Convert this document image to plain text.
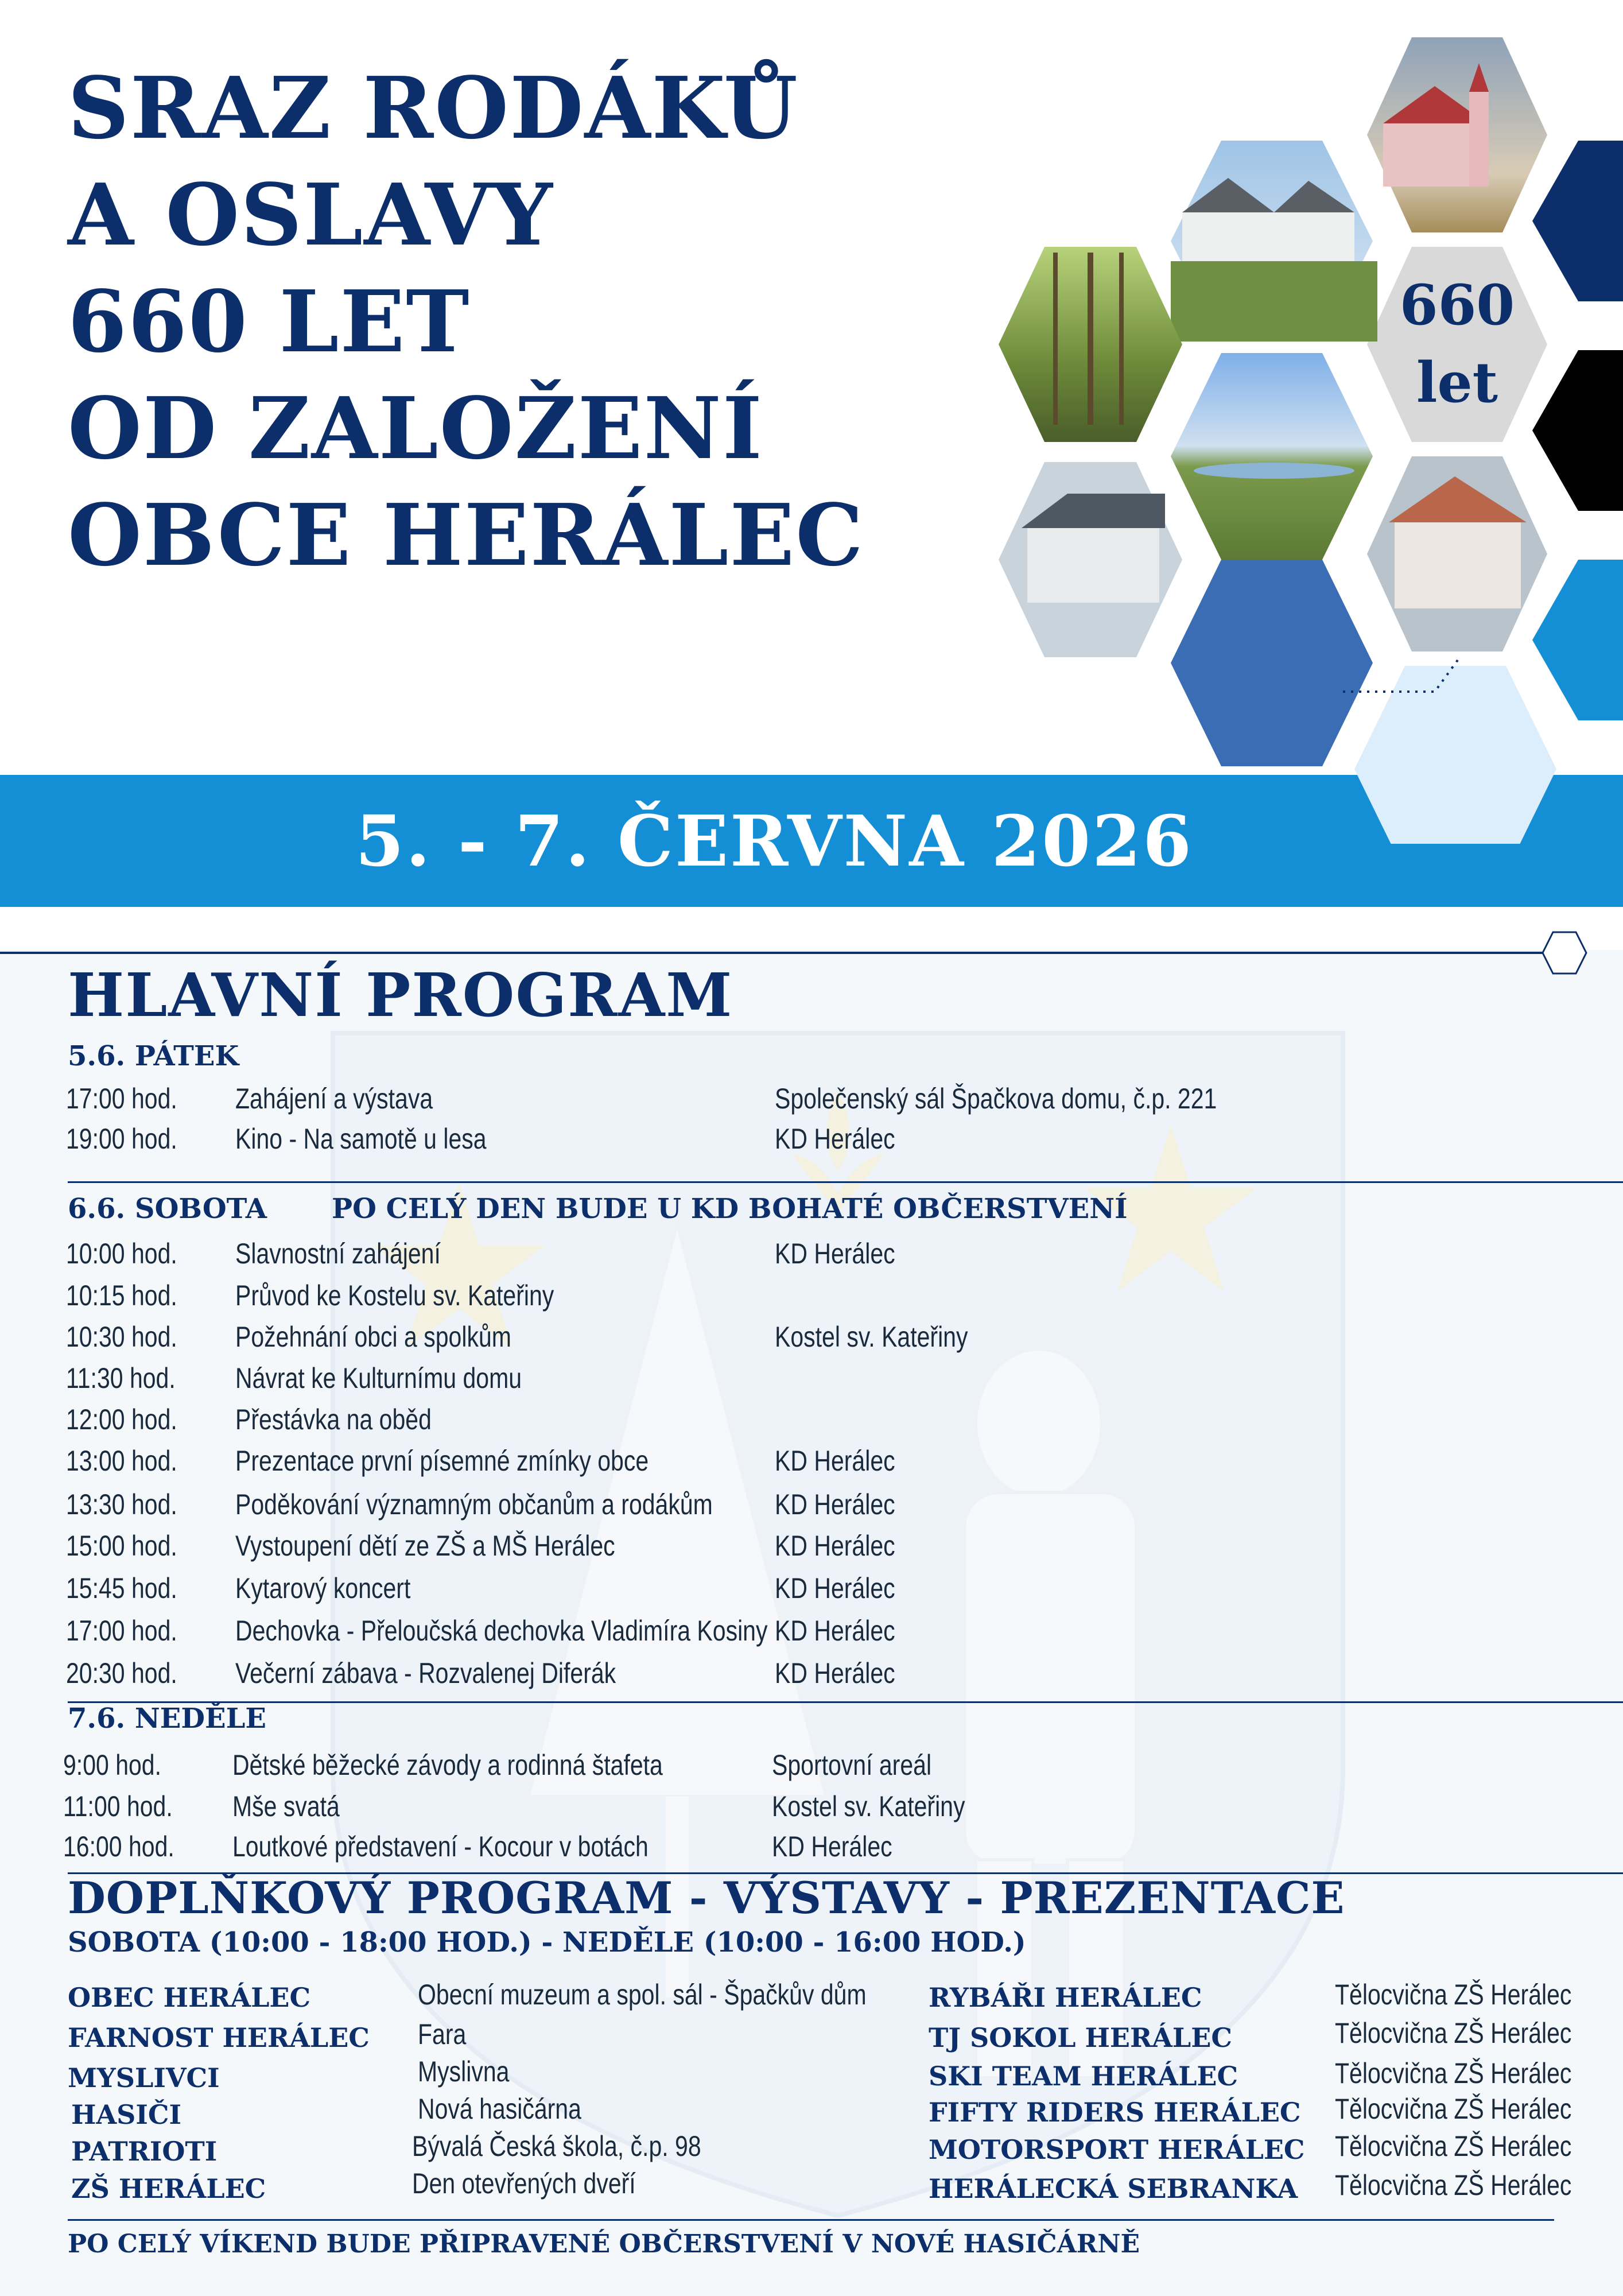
SRAZ RODÁKŮ
A OSLAVY
660 LET
OD ZALOŽENÍ
OBCE HERÁLEC
5. - 7. ČERVNA 2026
660
let
HLAVNÍ PROGRAM
5.6. PÁTEK
17:00 hod. Zahájení a výstava	Společenský sál Špačkova domu, č.p. 221
19:00 hod. Kino - Na samotě u lesa	KD Herálec
6.6. SOBOTA PO CELÝ DEN BUDE U KD BOHATÉ OBČERSTVENÍ
10:00 hod. Slavnostní zahájení	KD Herálec
10:15 hod. Průvod ke Kostelu sv. Kateřiny
10:30 hod. Požehnání obci a spolkům	Kostel sv. Kateřiny
11:30 hod. Návrat ke Kulturnímu domu
12:00 hod. Přestávka na oběd
13:00 hod. Prezentace první písemné zmínky obce	KD Herálec
13:30 hod. Poděkování významným občanům a rodákům KD Herálec
15:00 hod. Vystoupení dětí ze ZŠ a MŠ Herálec	KD Herálec
15:45 hod. Kytarový koncert	KD Herálec
17:00 hod. Dechovka - Přeloučská dechovka Vladimíra Kosiny KD Herálec
20:30 hod. Večerní zábava - Rozvalenej Diferák	KD Herálec
7.6. NEDĚLE
9:00 hod. Dětské běžecké závody a rodinná štafeta	Sportovní areál
11:00 hod. Mše svatá	Kostel sv. Kateřiny
16:00 hod. Loutkové představení - Kocour v botách	KD Herálec
DOPLŇKOVÝ PROGRAM - VÝSTAVY - PREZENTACE
SOBOTA (10:00 - 18:00 HOD.) - NEDĚLE (10:00 - 16:00 HOD.)
OBEC HERÁLEC	Obecní muzeum a spol. sál - Špačkův dům
FARNOST HERÁLEC Fara
MYSLIVCI	Myslivna
HASIČI	Nová hasičárna
PATRIOTI	Bývalá Česká škola, č.p. 98
ZŠ HERÁLEC	Den otevřených dveří
RYBÁŘI HERÁLEC	Tělocvična ZŠ Herálec
TJ SOKOL HERÁLEC	Tělocvična ZŠ Herálec
SKI TEAM HERÁLEC	Tělocvična ZŠ Herálec
FIFTY RIDERS HERÁLEC Tělocvična ZŠ Herálec
MOTORSPORT HERÁLEC Tělocvična ZŠ Herálec
HERÁLECKÁ SEBRANKA Tělocvična ZŠ Herálec
PO CELÝ VÍKEND BUDE PŘIPRAVENÉ OBČERSTVENÍ V NOVÉ HASIČÁRNĚ
